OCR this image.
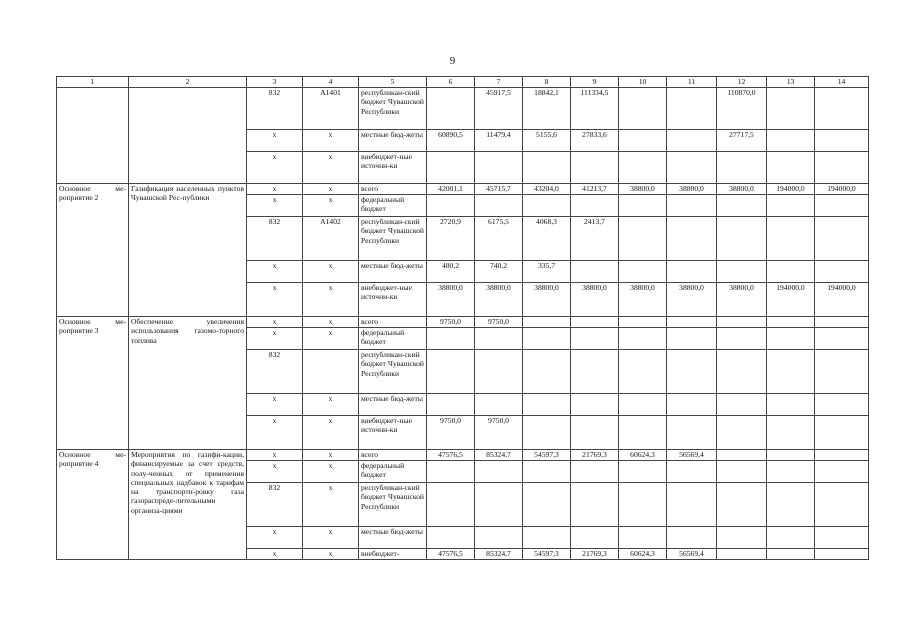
9
1	2	3	4	5	6	7	8	9	10	11	12	13	14
		832	А1401	республикан-ский бюджет Чувашской Республики		45917,5	18842,1	111334,5			110870,0		
		х	х	местные бюд-жеты	60890,5	11479,4	5155,6	27833,6			27717,5		
		х	х	внебюджет-ные источни-ки									
Основное ме-роприятие 2	Газификация населенных пунктов Чувашской Рес-публики	х	х	всего	42001,1	45715,7	43204,0	41213,7	38800,0	38800,0	38800,0	194000,0	194000,0
		х	х	федеральный бюджет									
		832	А1402	республикан-ский бюджет Чувашской Республики	2720,9	6175,5	4068,3	2413,7					
		х	х	местные бюд-жеты	480,2	740,2	335,7						
		х	х	внебюджет-ные источни-ки	38800,0	38800,0	38800,0	38800,0	38800,0	38800,0	38800,0	194000,0	194000,0
Основное ме-роприятие 3	Обеспечение увеличения использования газомо-торного топлива	х	х	всего	9750,0	9750,0							
		х	х	федеральный бюджет									
		832		республикан-ский бюджет Чувашской Республики									
		х	х	местные бюд-жеты									
		х	х	внебюджет-ные источни-ки	9750,0	9750,0							
Основное ме-роприятие 4	Мероприятия по газифи-кации, финансируемые за счет средств, полу-ченных от применения специальных надбавок к тарифам на транспорти-ровку газа газораспреде-лительными организа-циями	х	х	всего	47576,5	85324,7	54597,3	21769,3	60624,3	56569,4			
		х	х	федеральный бюджет									
		832	х	республикан-ский бюджет Чувашской Республики									
		х	х	местные бюд-жеты									
		х	х	внебюджет-	47576,5	85324,7	54597,3	21769,3	60624,3	56569,4			
